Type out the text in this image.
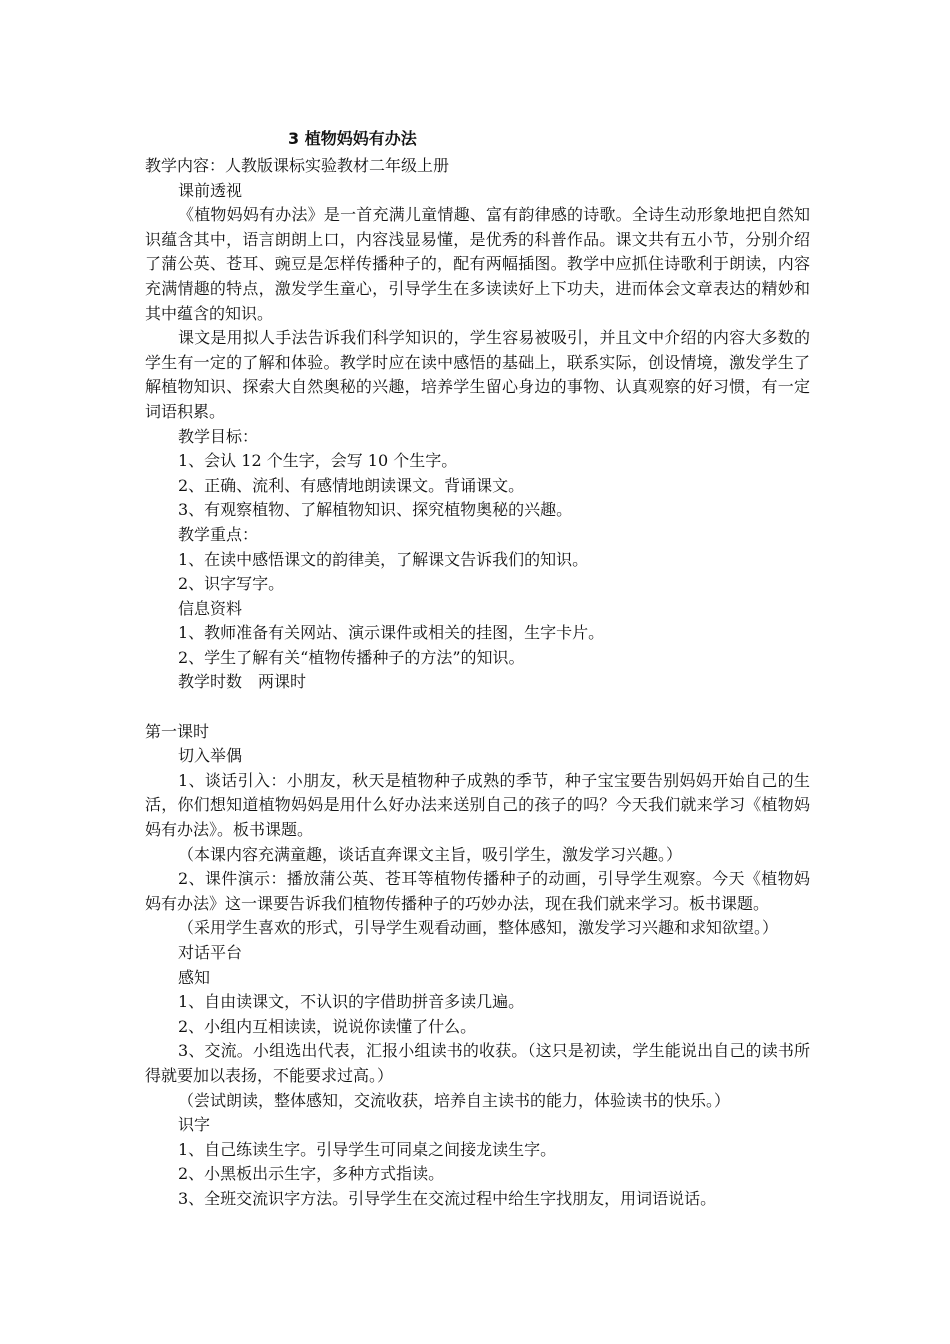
3 植物妈妈有办法

教学内容：人教版课标实验教材二年级上册

课前透视

《植物妈妈有办法》是一首充满儿童情趣、富有韵律感的诗歌。全诗生动形象地把自然知识蕴含其中，语言朗朗上口，内容浅显易懂，是优秀的科普作品。课文共有五小节，分别介绍了蒲公英、苍耳、豌豆是怎样传播种子的，配有两幅插图。教学中应抓住诗歌利于朗读，内容充满情趣的特点，激发学生童心，引导学生在多读读好上下功夫，进而体会文章表达的精妙和其中蕴含的知识。

课文是用拟人手法告诉我们科学知识的，学生容易被吸引，并且文中介绍的内容大多数的学生有一定的了解和体验。教学时应在读中感悟的基础上，联系实际，创设情境，激发学生了解植物知识、探索大自然奥秘的兴趣，培养学生留心身边的事物、认真观察的好习惯，有一定词语积累。

教学目标：

1、会认 12 个生字，会写 10 个生字。

2、正确、流利、有感情地朗读课文。背诵课文。

3、有观察植物、了解植物知识、探究植物奥秘的兴趣。

教学重点：

1、在读中感悟课文的韵律美，了解课文告诉我们的知识。

2、识字写字。

信息资料

1、教师准备有关网站、演示课件或相关的挂图，生字卡片。

2、学生了解有关“植物传播种子的方法”的知识。

教学时数　两课时

第一课时

切入举偶

1、谈话引入：小朋友，秋天是植物种子成熟的季节，种子宝宝要告别妈妈开始自己的生活，你们想知道植物妈妈是用什么好办法来送别自己的孩子的吗？今天我们就来学习《植物妈妈有办法》。板书课题。

（本课内容充满童趣，谈话直奔课文主旨，吸引学生，激发学习兴趣。）

2、课件演示：播放蒲公英、苍耳等植物传播种子的动画，引导学生观察。今天《植物妈妈有办法》这一课要告诉我们植物传播种子的巧妙办法，现在我们就来学习。板书课题。

（采用学生喜欢的形式，引导学生观看动画，整体感知，激发学习兴趣和求知欲望。）

对话平台

感知

1、自由读课文，不认识的字借助拼音多读几遍。

2、小组内互相读读，说说你读懂了什么。

3、交流。小组选出代表，汇报小组读书的收获。（这只是初读，学生能说出自己的读书所得就要加以表扬，不能要求过高。）

（尝试朗读，整体感知，交流收获，培养自主读书的能力，体验读书的快乐。）

识字

1、自己练读生字。引导学生可同桌之间接龙读生字。

2、小黑板出示生字，多种方式指读。

3、全班交流识字方法。引导学生在交流过程中给生字找朋友，用词语说话。
